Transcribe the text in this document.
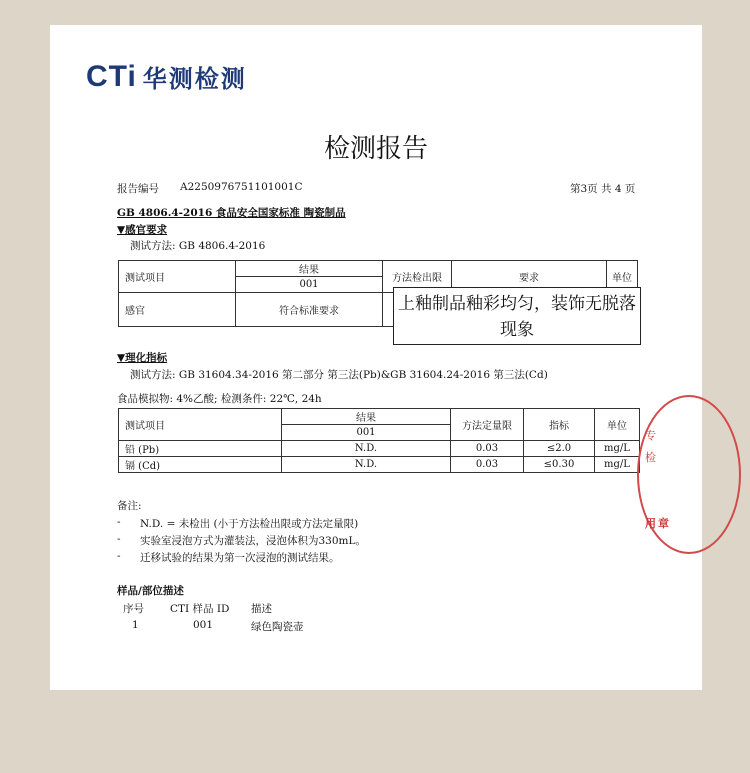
CTi 华测检测
检测报告
报告编号 A2250976751101001C	第3页 共 4 页
GB 4806.4-2016 食品安全国家标准 陶瓷制品
▼感官要求
测试方法: GB 4806.4-2016
测试项目	结果	方法检出限	要求	单位
	001			
感官	符合标准要求				上釉制品釉彩均匀，装饰无脱落现象
▼理化指标
测试方法: GB 31604.34-2016 第二部分 第三法(Pb)&GB 31604.24-2016 第三法(Cd)
食品模拟物: 4%乙酸; 检测条件: 22℃, 24h
测试项目	结果	方法定量限	指标	单位
	001			
铅 (Pb)	N.D.	0.03	≤2.0	mg/L
镉 (Cd)	N.D.	0.03	≤0.30	mg/L
备注:
- N.D. = 未检出 (小于方法检出限或方法定量限)
- 实验室浸泡方式为灌装法，浸泡体积为330mL。
- 迁移试验的结果为第一次浸泡的测试结果。
样品/部位描述
序号 CTI 样品 ID 描述
1	001	绿色陶瓷壶
专
检
用 章
